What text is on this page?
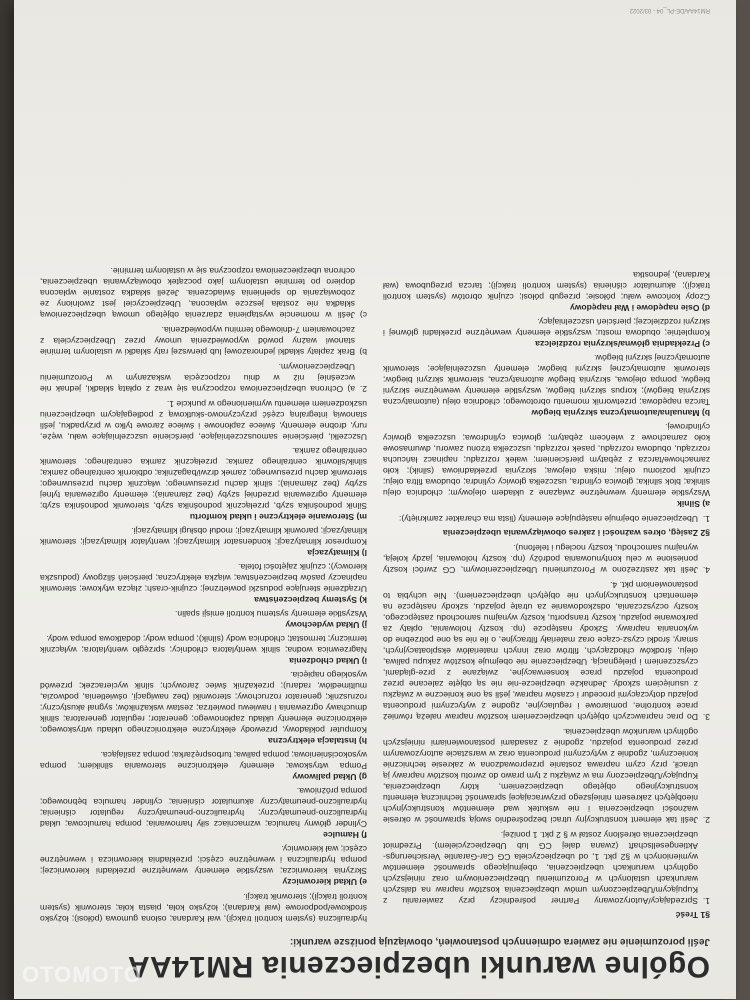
Ogólne warunki ubezpieczenia RM14AA
Jeśli porozumienie nie zawiera odmiennych postanowień, obowiązują poniższe warunki:
§1 Treść
1.
Sprzedający/Autoryzowany Partner pośredniczy przy zawieraniu z Kupującym/Ubezpieczonym umów ubezpieczenia kosztów napraw na dalszych warunkach ustalonych w Porozumieniu Ubezpieczeniowym oraz niniejszych ogólnych warunkach ubezpieczenia, obejmującego sprawność elementów wymienionych w §2 pkt. 1, od ubezpieczyciela CG Car-Garantie Versicherungs-Aktiengesellschaft (zwana dalej CG lub Ubezpieczycielem). Przedmiot ubezpieczenia określony został w § 2 pkt. 1 poniżej.
2.
Jeśli tak element konstrukcyjny utraci bezpośrednio swoją sprawność w okresie ważności ubezpieczenia i nie wskutek wad elementów konstrukcyjnych nieobjętych zakresem niniejszego przywracającej sprawność techniczną elementu konstrukcyjnego objętego ubezpieczeniem, który ubezpieczenia, Kupujący/Ubezpieczony ma w związku z tym prawo do zwrotu kosztów naprawy ją utracił, przy czym naprawa zostanie przeprowadzona w zakresie technicznie koniecznym, zgodnie z wytycznymi producenta oraz w warsztacie autoryzowanym przez producenta pojazdu, zgodnie z zasadami postanowieniami niniejszych ogólnych warunków ubezpieczenia.
3.
Do prac naprawczych objętych ubezpieczeniem kosztów napraw należą również prace kontrolne, pomiarowe i regulacyjne, zgodne z wytycznymi producenta pojazdu dotyczącymi procedur i czasów napraw, jeśli są one konieczne w związku z usunięciem szkody. Jednakże ubezpiecze-nie nie są objęte zalecane przez producenta pojazdu prace konserwacyjne, związane z prze-glądami, czyszczeniem i pielęgnacją. Ubezpieczenie nie obejmuje kosztów zakupu paliwa, oleju, środków chłodzących, filtrów oraz innych materiałów eksploatacyjnych, smary, środki czysz-czące oraz materiały filtracyjne, o ile nie są one potrzebne do wykonania naprawy. Szkody następcze (np. koszty holowania, opłaty za parkowanie pojazdu, koszty transportu, koszty wynajmu samochodu zastępczego, koszty oczyszczania, odszkodowanie za utratę pojazdu, szkody następcze na elementach konstrukcyjnych nie objętych ubezpieczeniem). Nie uchybia to postanowieniom pkt. 4.
4.
Jeśli tak zastrzeżono w Porozumieniu Ubezpieczeniowym, CG zwróci koszty poniesione w celu kontynuowania podróży (np. koszty holowania, jazdy koleją, wynajmu samochodu, koszty noclegu i telefonu).
§2 Zasięg, okres ważności i zakres obowiązywania ubezpieczenia
1.
Ubezpieczenie obejmuje następujące elementy (lista ma charakter zamknięty):
a) Silnik
Wszystkie elementy wewnętrzne związane z układem olejowym; chłodnica oleju silnika; blok silnika; głowica cylindra, uszczelka głowicy cylindra; obudowa filtra oleju; czujnik poziomu oleju; miska olejowa; skrzynia przekładniowa (silnik); koło zamachowe/tarcza z zębatym pierścieniem; wałek rozrządu; napinacz łańcucha rozrządu, obudowa rozrządu, pasek rozrządu, uszczelka trzonu zaworu, dwumasowe koło zamachowe z wieńcem zębatym; głowica cylindrowa; uszczelka głowicy cylindrowej.
b) Manualna/automatyczna skrzynia biegów
Tarcza napędowa; przetwornik momentu obrotowego; chłodnica oleju (automatyczna skrzynia biegów); korpus skrzyni biegów, wszystkie elementy wewnętrzne skrzyni biegów, pompa olejowa, skrzynia biegów automatyczna, sterownik skrzyni biegów; sterownik automatycznej skrzyni biegów; elementy uszczelniające; sterownik automatycznej skrzyni biegów.
c) Przekładnia główna/skrzynia rozdzielcza
Kompletnie; obudowa mostu; wszystkie elementy wewnętrzne przekładni głównej i skrzyni rozdzielczej; pierścień uszczelniający.
d) Osie napędowe i Wał napędowy
Czopy końcowe wału; półosie; przegub półosi; czujnik obrotów (system kontroli trakcji); akumulator ciśnienia (system kontroli trakcji); tarcza przegubowa (wał Kardana), jednostka
hydrauliczna (system kontroli trakcji), wał Kardana; osłona gumowa (półosi); łożysko środkowe/podporowe (wał Kardana); łożysko koła, piasta koła; sterownik (system kontroli trakcji); sterownik trakcji.
e) Układ kierowniczy
Skrzynia kierownicza; wszystkie elementy wewnętrzne przekładni kierowniczej; pompa hydrauliczna i wewnętrzne części; przekładnia kierownicza i wewnętrzne części; wał kierownicy.
f) Hamulce
Cylinder główny hamulca; wzmacniacz siły hamowania; pompa hamulcowa; układ hydrauliczno-pneumatyczny; hydrauliczno-pneumatyczny regulator ciśnienia; hydrauliczno-pneumatyczny akumulator ciśnienia; cylinder hamulca bębnowego; pompa próżniowa.
g) Układ paliwowy
Pompa wtryskowa; elementy elektroniczne sterowania silnikiem; pompa wysokociśnieniowa; pompa paliwa; turbosprężarka; pompa zasilająca.
h) Instalacja elektryczna
Komputer pokładowy, przewody elektryczne elektronicznego układu wtryskowego; elektroniczne elementy układu zapłonowego; generator; regulator generatora; silnik dmuchawy ogrzewania i nawiewu powietrza; zestaw wskaźników; sygnał akustyczny; rozrusznik; generator rozruchowy; sterowniki (bez nawigacji, oświetlenia, podwozia, multimediów, radaru); przekaźnik świec żarowych; silnik wycieraczek; przewód wysokiego napięcia.
i) Układ chłodzenia
Nagrzewnica wodna; silnik wentylatora chłodnicy; sprzęgło wentylatora; wyłącznik termiczny; termostat; chłodnica wody (silnik); pompa wody; dodatkowa pompa wody.
j) Układ wydechowy
Wszystkie elementy systemu kontroli emisji spalin.
k) Systemy bezpieczeństwa
Urządzenie sterujące poduszki powietrznej; czujnik-crash; złącza wtykowe; sterownik napinaczy pasów bezpieczeństwa; wiązka elektryczna; pierścień ślizgowy (poduszka kierowcy); czujnik zajętości fotela.
l) Klimatyzacja
Kompresor klimatyzacji; kondensator klimatyzacji; wentylator klimatyzacji; sterownik klimatyzacji; parownik klimatyzacji; moduł obsługi klimatyzacji.
m) Sterowanie elektryczne i układ komfortu
Silnik podnośnika szyb, przełącznik podnośnika szyb, sterownik podnośnika szyb; elementy ogrzewania przedniej szyby (bez złamania); elementy ogrzewania tylnej szyby (bez złamania); silnik dachu przesuwnego; włącznik dachu przesuwnego; sterownik dachu przesuwnego; zamek drzwi/bagażnika; odbiornik centralnego zamka; silnik/siłownik centralnego zamka; przełącznik zamka centralnego; sterownik centralnego zamka.
Uszczelki, pierścienie samouszczelniające, pierścienie uszczelniające wału, węże, rury, drobne elementy, świece zapłonowe i świece żarowe tylko w przypadku, jeśli stanowią integralną część przyczynowo-skutkową z podlegającym ubezpieczeniu uszkodzeniem elementu wymienionego w punkcie 1.
2.
a) Ochrona ubezpieczeniowa rozpoczyna się wraz z opłatą składki, jednak nie wcześniej niż w dniu rozpoczęcia wskazanym w Porozumieniu Ubezpieczeniowym.
b)
Brak zapłaty składki jednorazowej lub pierwszej raty składki w ustalonym terminie stanowi ważny powód wypowiedzenia umowy przez Ubezpieczyciela z zachowaniem 7-dniowego terminu wypowiedzenia.
c)
Jeśli w momencie wystąpienia zdarzenia objętego umową ubezpieczeniową składka nie została jeszcze wpłacona, Ubezpieczyciel jest zwolniony ze zobowiązania do spełnienia świadczenia. Jeżeli składka zostanie wpłacona dopiero po terminie ustalonym jako początek obowiązywania ubezpieczenia, ochrona ubezpieczeniowa rozpoczyna się w ustalonym terminie.
RM14AA/DE-PL_04 - 03/2022
OTOMOTO
